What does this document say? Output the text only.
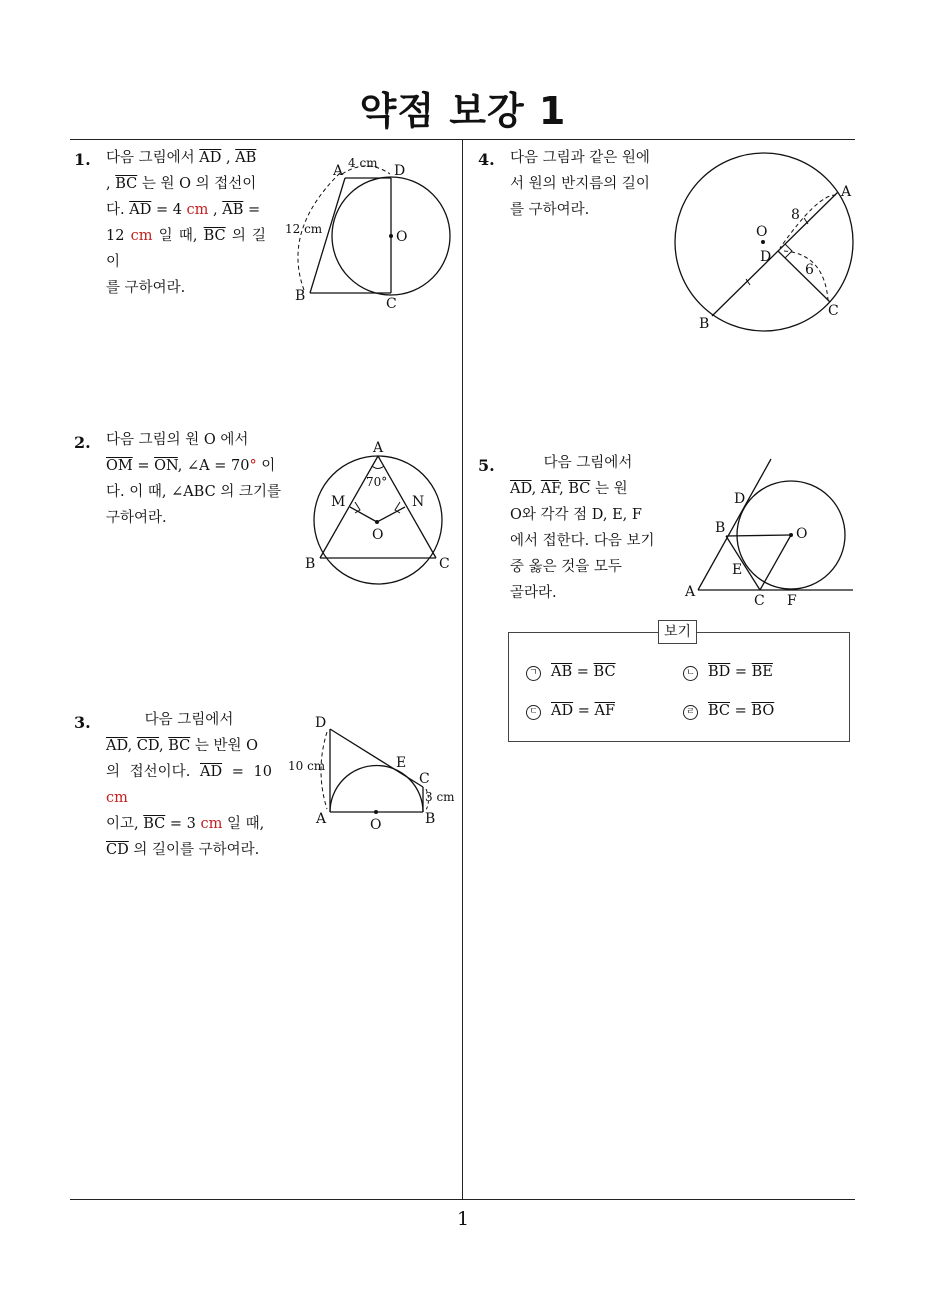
약점 보강 1
1
1. 다음 그림에서 $\overline{AD}$ , $\overline{AB}$

, $\overline{BC}$ 는 원 O 의 접선이

다. $\overline{AD} = 4$ cm , $\overline{AB}$ =

12 cm 일 때, $\overline{BC}$ 의 길이

를 구하여라.

A	D
O
B	C
4 cm
12 cm
2. 다음 그림의 원 O 에서

$\overline{OM} = \overline{ON}$, ∠A = 70° 이

다. 이 때, ∠ABC 의 크기를

구하여라.

A
M	N
O
B	C
70°
3.	다음 그림에서

$\overline{AD}$, $\overline{CD}$, $\overline{BC}$ 는 반원 O

의 접선이다. $\overline{AD} = 10$ cm

이고, $\overline{BC} = 3$ cm 일 때,

$\overline{CD}$ 의 길이를 구하여라.

D
E
C
A	O	B
10 cm
3 cm
4. 다음 그림과 같은 원에

서 원의 반지름의 길이

를 구하여라.

A
O
D
B
C
8
6
5.	다음 그림에서

$\overline{AD}$, $\overline{AF}$, $\overline{BC}$ 는 원

O와 각각 점 D, E, F

에서 접한다. 다음 보기

중 옳은 것을 모두

골라라.

D
B	O
E
A
C F
보기
ㄱ $\overline{AB} = \overline{BC}$	ㄴ $\overline{BD} = \overline{BE}$
ㄷ $\overline{AD} = \overline{AF}$	ㄹ $\overline{BC} = \overline{BO}$
